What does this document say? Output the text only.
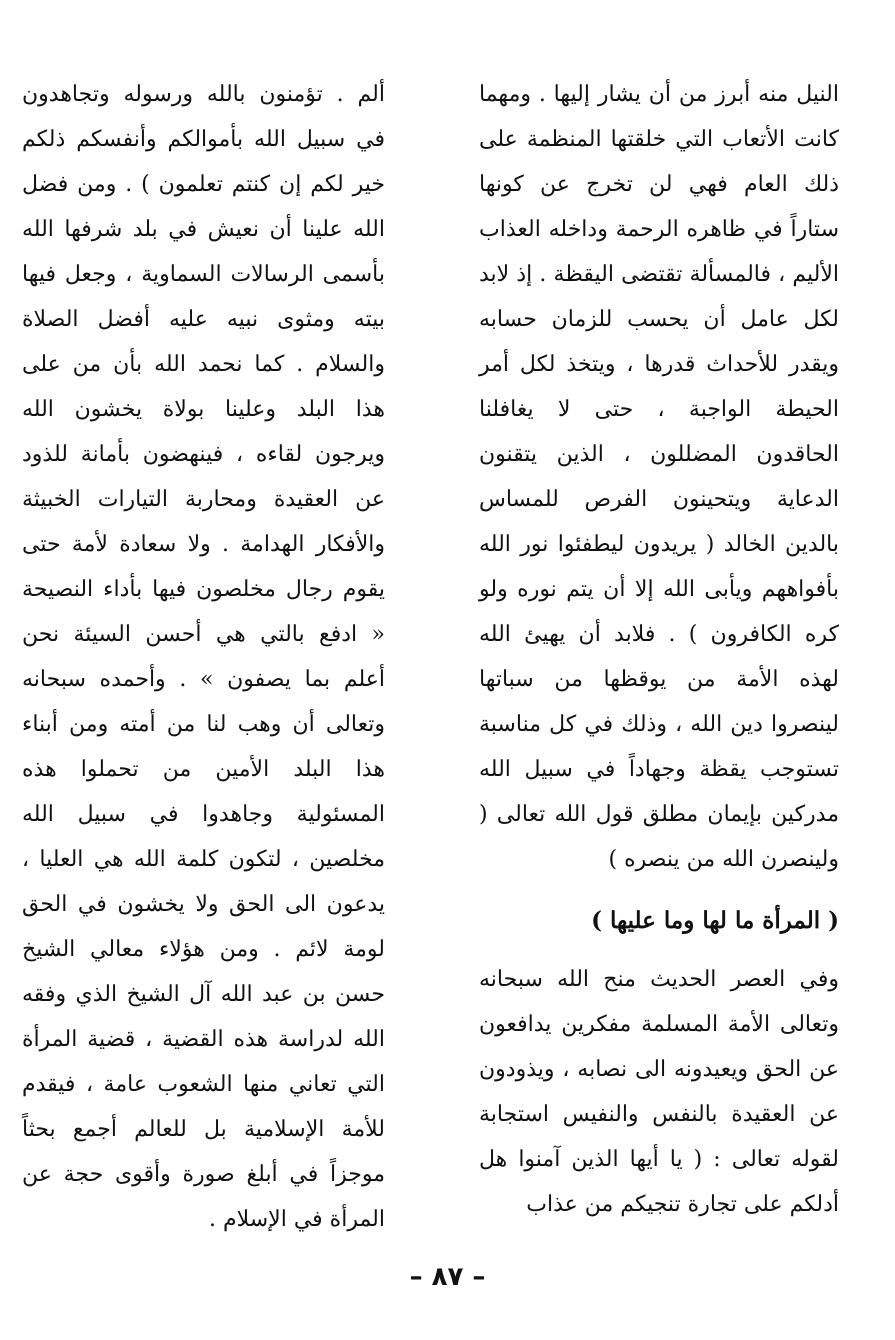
النيل منه أبرز من أن يشار إليها . ومهما كانت الأتعاب التي خلقتها المنظمة على ذلك العام فهي لن تخرج عن كونها ستاراً في ظاهره الرحمة وداخله العذاب الأليم ، فالمسألة تقتضى اليقظة . إذ لابد لكل عامل أن يحسب للزمان حسابه ويقدر للأحداث قدرها ، ويتخذ لكل أمر الحيطة الواجبة ، حتى لا يغافلنا الحاقدون المضللون ، الذين يتقنون الدعاية ويتحينون الفرص للمساس بالدين الخالد ( يريدون ليطفئوا نور الله بأفواههم ويأبى الله إلا أن يتم نوره ولو كره الكافرون ) . فلابد أن يهيئ الله لهذه الأمة من يوقظها من سباتها لينصروا دين الله ، وذلك في كل مناسبة تستوجب يقظة وجهاداً في سبيل الله مدركين بإيمان مطلق قول الله تعالى ( ولينصرن الله من ينصره )

( المرأة ما لها وما عليها )

وفي العصر الحديث منح الله سبحانه وتعالى الأمة المسلمة مفكرين يدافعون عن الحق ويعيدونه الى نصابه ، ويذودون عن العقيدة بالنفس والنفيس استجابة لقوله تعالى : ( يا أيها الذين آمنوا هل أدلكم على تجارة تنجيكم من عذاب

ألم . تؤمنون بالله ورسوله وتجاهدون في سبيل الله بأموالكم وأنفسكم ذلكم خير لكم إن كنتم تعلمون ) . ومن فضل الله علينا أن نعيش في بلد شرفها الله بأسمى الرسالات السماوية ، وجعل فيها بيته ومثوى نبيه عليه أفضل الصلاة والسلام . كما نحمد الله بأن من على هذا البلد وعلينا بولاة يخشون الله ويرجون لقاءه ، فينهضون بأمانة للذود عن العقيدة ومحاربة التيارات الخبيثة والأفكار الهدامة . ولا سعادة لأمة حتى يقوم رجال مخلصون فيها بأداء النصيحة « ادفع بالتي هي أحسن السيئة نحن أعلم بما يصفون » . وأحمده سبحانه وتعالى أن وهب لنا من أمته ومن أبناء هذا البلد الأمين من تحملوا هذه المسئولية وجاهدوا في سبيل الله مخلصين ، لتكون كلمة الله هي العليا ، يدعون الى الحق ولا يخشون في الحق لومة لائم . ومن هؤلاء معالي الشيخ حسن بن عبد الله آل الشيخ الذي وفقه الله لدراسة هذه القضية ، قضية المرأة التي تعاني منها الشعوب عامة ، فيقدم للأمة الإسلامية بل للعالم أجمع بحثاً موجزاً في أبلغ صورة وأقوى حجة عن المرأة في الإسلام .

– ٨٧ –
